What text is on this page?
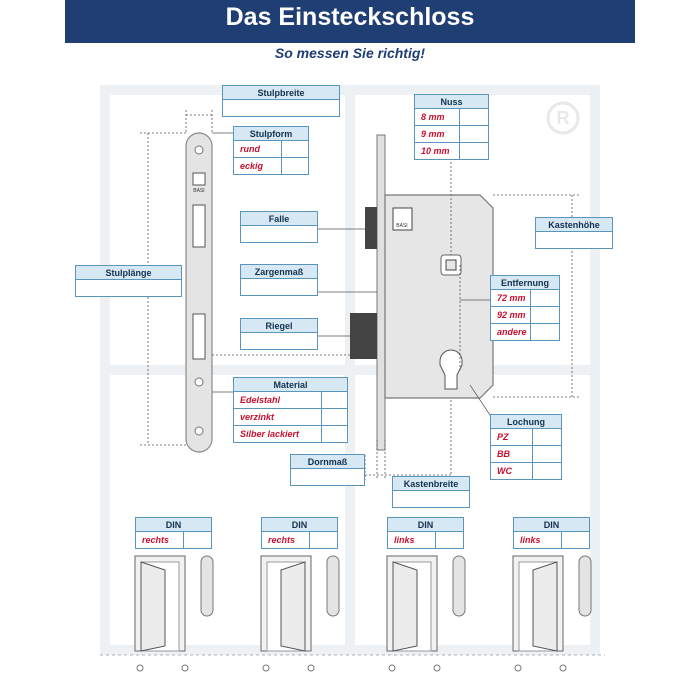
Das Einsteckschloss
So messen Sie richtig!
R
BASI
BASI
Stulpbreite
Stulpform
rund
eckig
Nuss
8 mm
9 mm
10 mm
Falle
Kastenhöhe
Stulplänge	Zargenmaß
Entfernung
72 mm
92 mm
andere
Riegel
Material
Edelstahl
verzinkt
Silber lackiert
Lochung
PZ
BB
WC
Dornmaß
Kastenbreite
DIN
rechts
DIN
rechts
DIN
links
DIN
links
